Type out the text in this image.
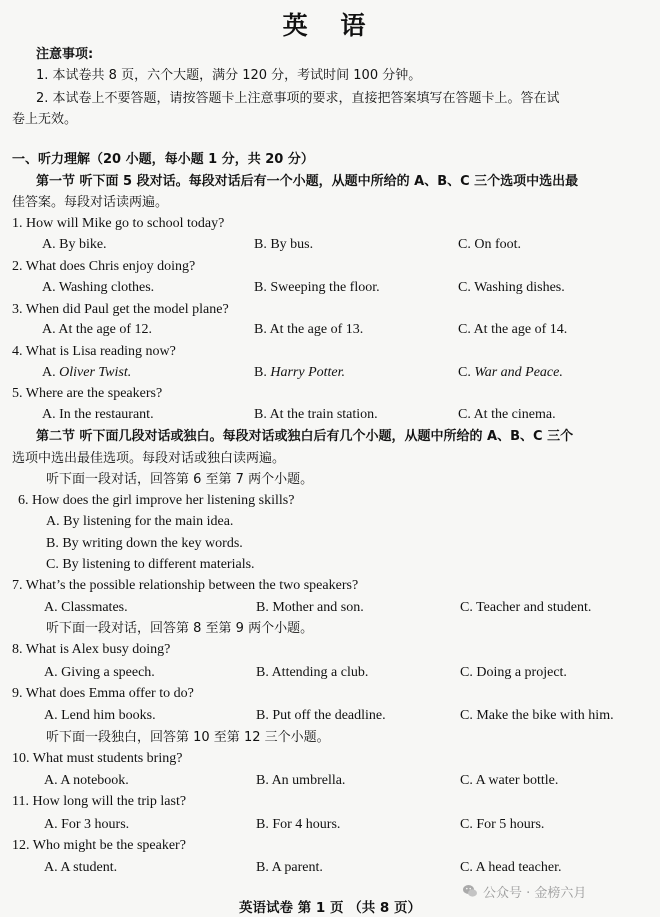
英 语
注意事项:
1. 本试卷共 8 页，六个大题，满分 120 分，考试时间 100 分钟。
2. 本试卷上不要答题，请按答题卡上注意事项的要求，直接把答案填写在答题卡上。答在试
卷上无效。
一、听力理解（20 小题，每小题 1 分，共 20 分）
第一节 听下面 5 段对话。每段对话后有一个小题，从题中所给的 A、B、C 三个选项中选出最
佳答案。每段对话读两遍。
1. How will Mike go to school today?
A. By bike.	B. By bus.	C. On foot.
2. What does Chris enjoy doing?
A. Washing clothes.	B. Sweeping the floor.	C. Washing dishes.
3. When did Paul get the model plane?
A. At the age of 12.	B. At the age of 13.	C. At the age of 14.
4. What is Lisa reading now?
A. Oliver Twist.	B. Harry Potter.	C. War and Peace.
5. Where are the speakers?
A. In the restaurant.	B. At the train station.	C. At the cinema.
第二节 听下面几段对话或独白。每段对话或独白后有几个小题，从题中所给的 A、B、C 三个
选项中选出最佳选项。每段对话或独白读两遍。
听下面一段对话，回答第 6 至第 7 两个小题。
6. How does the girl improve her listening skills?
A. By listening for the main idea.
B. By writing down the key words.
C. By listening to different materials.
7. What’s the possible relationship between the two speakers?
A. Classmates.	B. Mother and son.	C. Teacher and student.
听下面一段对话，回答第 8 至第 9 两个小题。
8. What is Alex busy doing?
A. Giving a speech.	B. Attending a club.	C. Doing a project.
9. What does Emma offer to do?
A. Lend him books.	B. Put off the deadline.	C. Make the bike with him.
听下面一段独白，回答第 10 至第 12 三个小题。
10. What must students bring?
A. A notebook.	B. An umbrella.	C. A water bottle.
11. How long will the trip last?
A. For 3 hours.	B. For 4 hours.	C. For 5 hours.
12. Who might be the speaker?
A. A student.	B. A parent.	C. A head teacher.
公众号 · 金榜六月
英语试卷 第 1 页 （共 8 页）
